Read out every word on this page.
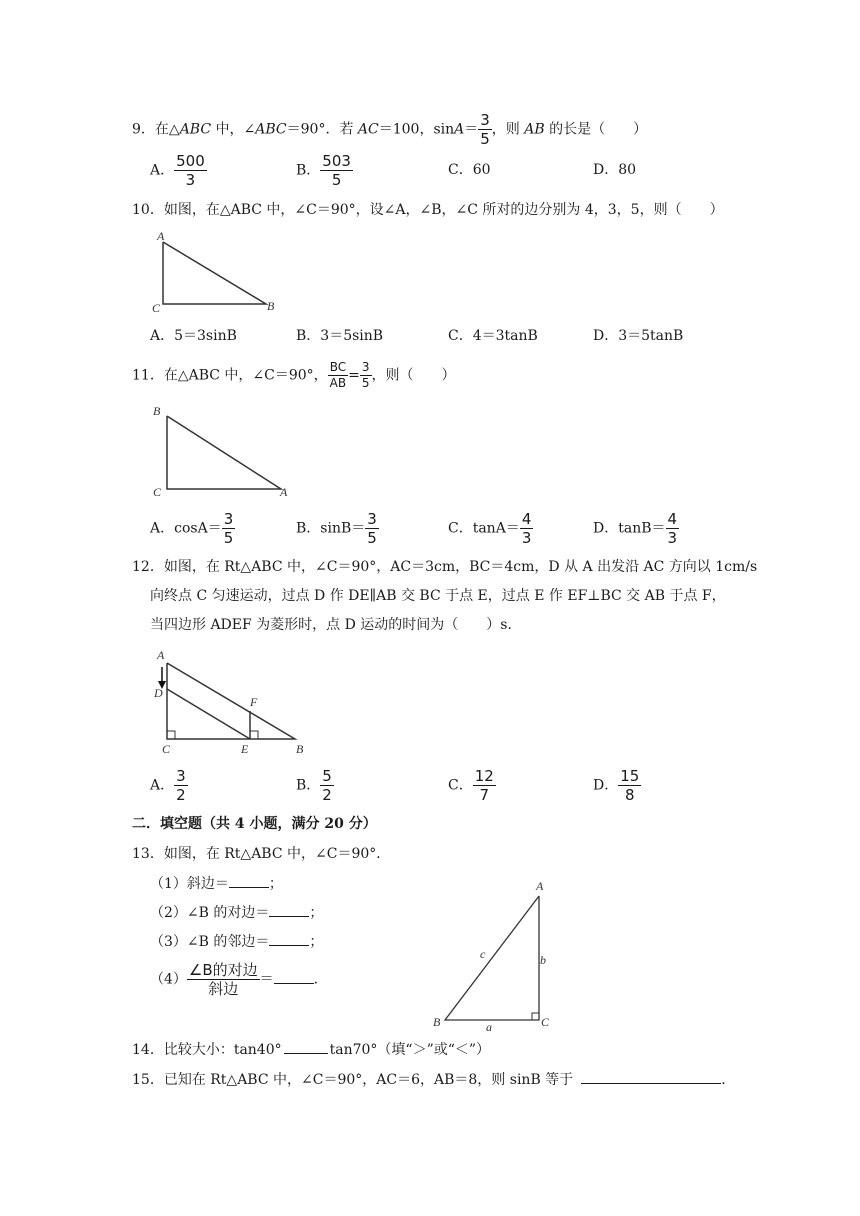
9．在△ABC 中，∠ABC＝90°．若 AC＝100，$\sin A= \frac{3}{5}$ ，则 AB 的长是（　　）
A． $\frac{500}{3}$	B． $\frac{503}{5}$	C．60	D．80
10．如图，在△ABC 中，∠C＝90°，设∠A，∠B，∠C 所对的边分别为 4，3，5，则（　　）
A
C	B
A．5＝3sinB	B．3＝5sinB	C．4＝3tanB	D．3＝5tanB
11．在△ABC 中，∠C＝90°， $\frac{BC}{AB} = \frac{3}{5}$ ，则（　　）
B
C	A
A．$\cos A= \frac{3}{5}$	B．$\sin B= \frac{3}{5}$	C．$\tan A= \frac{4}{3}$	D．$\tan B= \frac{4}{3}$
12．如图，在 Rt△ABC 中，∠C＝90°，AC＝3cm，BC＝4cm，D 从 A 出发沿 AC 方向以 1cm/s
向终点 C 匀速运动，过点 D 作 DE∥AB 交 BC 于点 E，过点 E 作 EF⊥BC 交 AB 于点 F，
当四边形 ADEF 为菱形时，点 D 运动的时间为（　　）s．
A
D
F
C	E	B
A． $\frac{3}{2}$	B． $\frac{5}{2}$	C． $\frac{12}{7}$	D． $\frac{15}{8}$
二．填空题（共 4 小题，满分 20 分）
13．如图，在 Rt△ABC 中，∠C＝90°．
（1）斜边＝	；
（2）∠B 的对边＝	；
（3）∠B 的邻边＝	；
$(4) \frac{\text{∠B的对边}}{\text{斜边}}$ ＝	．
A
B	C
a
b
c
14．比较大小：tan40°	tan70°（填“＞”或“＜”）
15．已知在 Rt△ABC 中，∠C＝90°，AC＝6，AB＝8，则 sinB 等于	．
